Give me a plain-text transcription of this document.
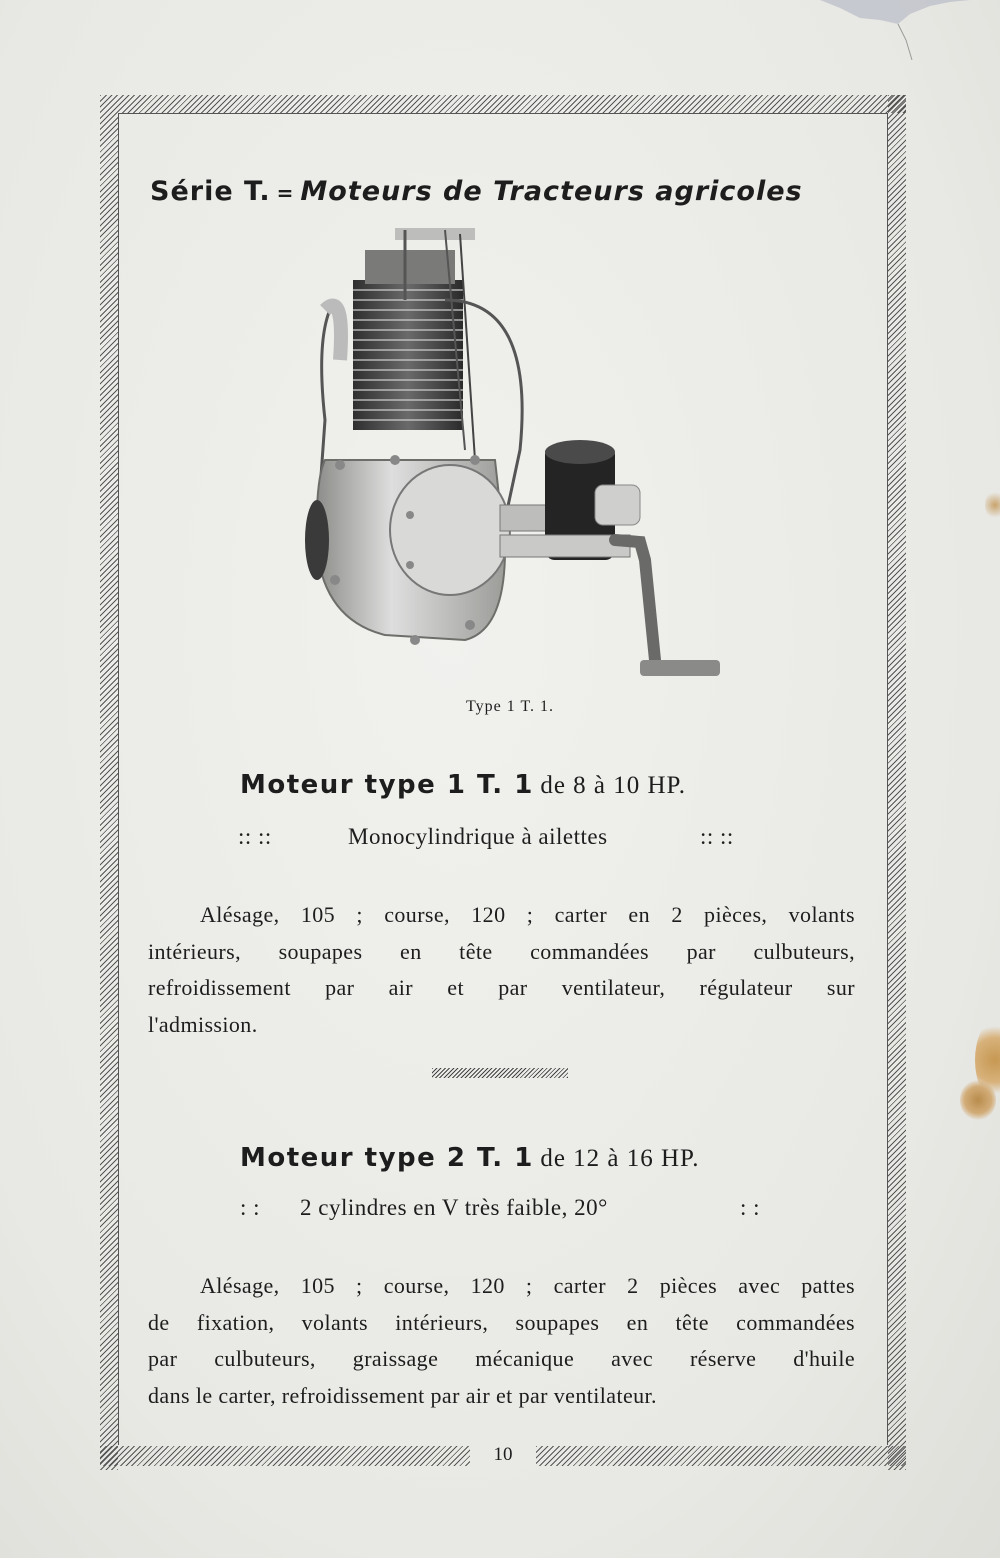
Série T. = Moteurs de Tracteurs agricoles
Type 1 T. 1.
Moteur type 1 T. 1 de 8 à 10 HP.
:: ::	Monocylindrique à ailettes	:: ::
Alésage, 105 ; course, 120 ; carter en 2 pièces, volants
intérieurs, soupapes en tête commandées par culbuteurs,
refroidissement par air et par ventilateur, régulateur sur
l'admission.
Moteur type 2 T. 1 de 12 à 16 HP.
: : 2 cylindres en V très faible, 20°	: :
Alésage, 105 ; course, 120 ; carter 2 pièces avec pattes
de fixation, volants intérieurs, soupapes en tête commandées
par culbuteurs, graissage mécanique avec réserve d'huile
dans le carter, refroidissement par air et par ventilateur.
10
